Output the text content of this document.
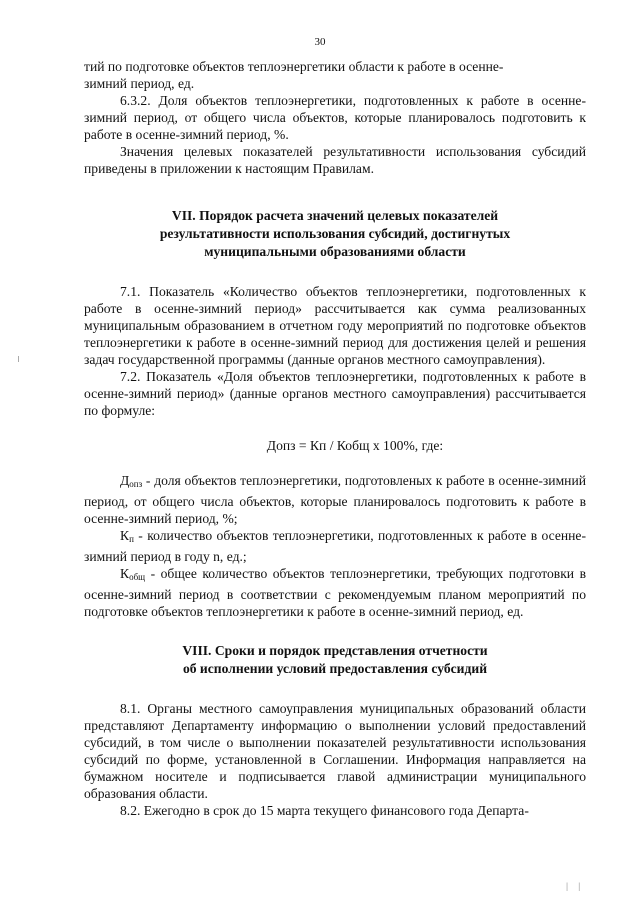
30

тий по подготовке объектов теплоэнергетики области к работе в осенне-

зимний период, ед.

6.3.2. Доля объектов теплоэнергетики, подготовленных к работе в осенне-зимний период, от общего числа объектов, которые планировалось подготовить к работе в осенне-зимний период, %.

Значения целевых показателей результативности использования субсидий приведены в приложении к настоящим Правилам.

VII. Порядок расчета значений целевых показателей
результативности использования субсидий, достигнутых
муниципальными образованиями области

7.1. Показатель «Количество объектов теплоэнергетики, подготовленных к работе в осенне-зимний период» рассчитывается как сумма реализованных муниципальным образованием в отчетном году мероприятий по подготовке объектов теплоэнергетики к работе в осенне-зимний период для достижения целей и решения задач государственной программы (данные органов местного самоуправления).

7.2. Показатель «Доля объектов теплоэнергетики, подготовленных к работе в осенне-зимний период» (данные органов местного самоуправления) рассчитывается по формуле:

Допз = Кп / Кобщ х 100%, где:

$Д_{опз}$ - доля объектов теплоэнергетики, подготовленых к работе в осенне-зимний период, от общего числа объектов, которые планировалось подготовить к работе в осенне-зимний период, %;

$К_п$ - количество объектов теплоэнергетики, подготовленных к работе в осенне-зимний период в году n, ед.;

$К_{общ}$ - общее количество объектов теплоэнергетики, требующих подготовки в осенне-зимний период в соответствии с рекомендуемым планом мероприятий по подготовке объектов теплоэнергетики к работе в осенне-зимний период, ед.

VIII. Сроки и порядок представления отчетности
об исполнении условий предоставления субсидий

8.1. Органы местного самоуправления муниципальных образований области представляют Департаменту информацию о выполнении условий предоставлений субсидий, в том числе о выполнении показателей результативности использования субсидий по форме, установленной в Соглашении. Информация направляется на бумажном носителе и подписывается главой администрации муниципального образования области.

8.2. Ежегодно в срок до 15 марта текущего финансового года Департа-

| |
